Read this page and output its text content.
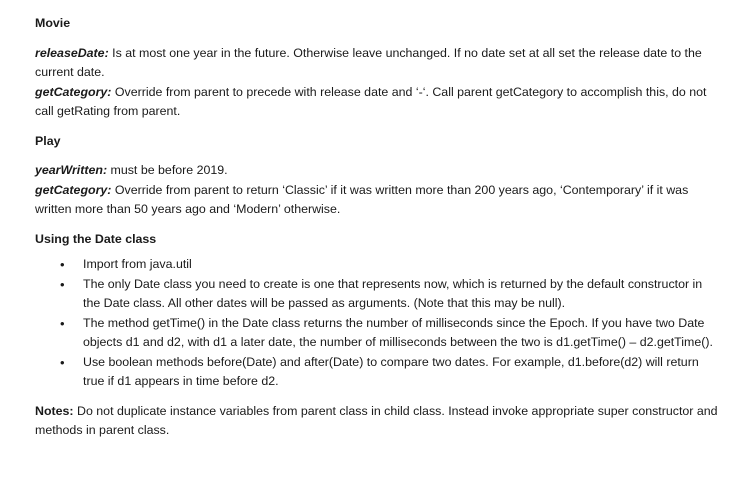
Movie

releaseDate: Is at most one year in the future. Otherwise leave unchanged. If no date set at all set the release date to the current date.

getCategory: Override from parent to precede with release date and ‘-‘. Call parent getCategory to accomplish this, do not call getRating from parent.

Play

yearWritten: must be before 2019.

getCategory: Override from parent to return ‘Classic’ if it was written more than 200 years ago, ‘Contemporary’ if it was written more than 50 years ago and ‘Modern’ otherwise.

Using the Date class

• Import from java.util
• The only Date class you need to create is one that represents now, which is returned by the default constructor in the Date class. All other dates will be passed as arguments. (Note that this may be null).
• The method getTime() in the Date class returns the number of milliseconds since the Epoch. If you have two Date objects d1 and d2, with d1 a later date, the number of milliseconds between the two is d1.getTime() – d2.getTime().
• Use boolean methods before(Date) and after(Date) to compare two dates. For example, d1.before(d2) will return true if d1 appears in time before d2.

Notes: Do not duplicate instance variables from parent class in child class. Instead invoke appropriate super constructor and methods in parent class.
